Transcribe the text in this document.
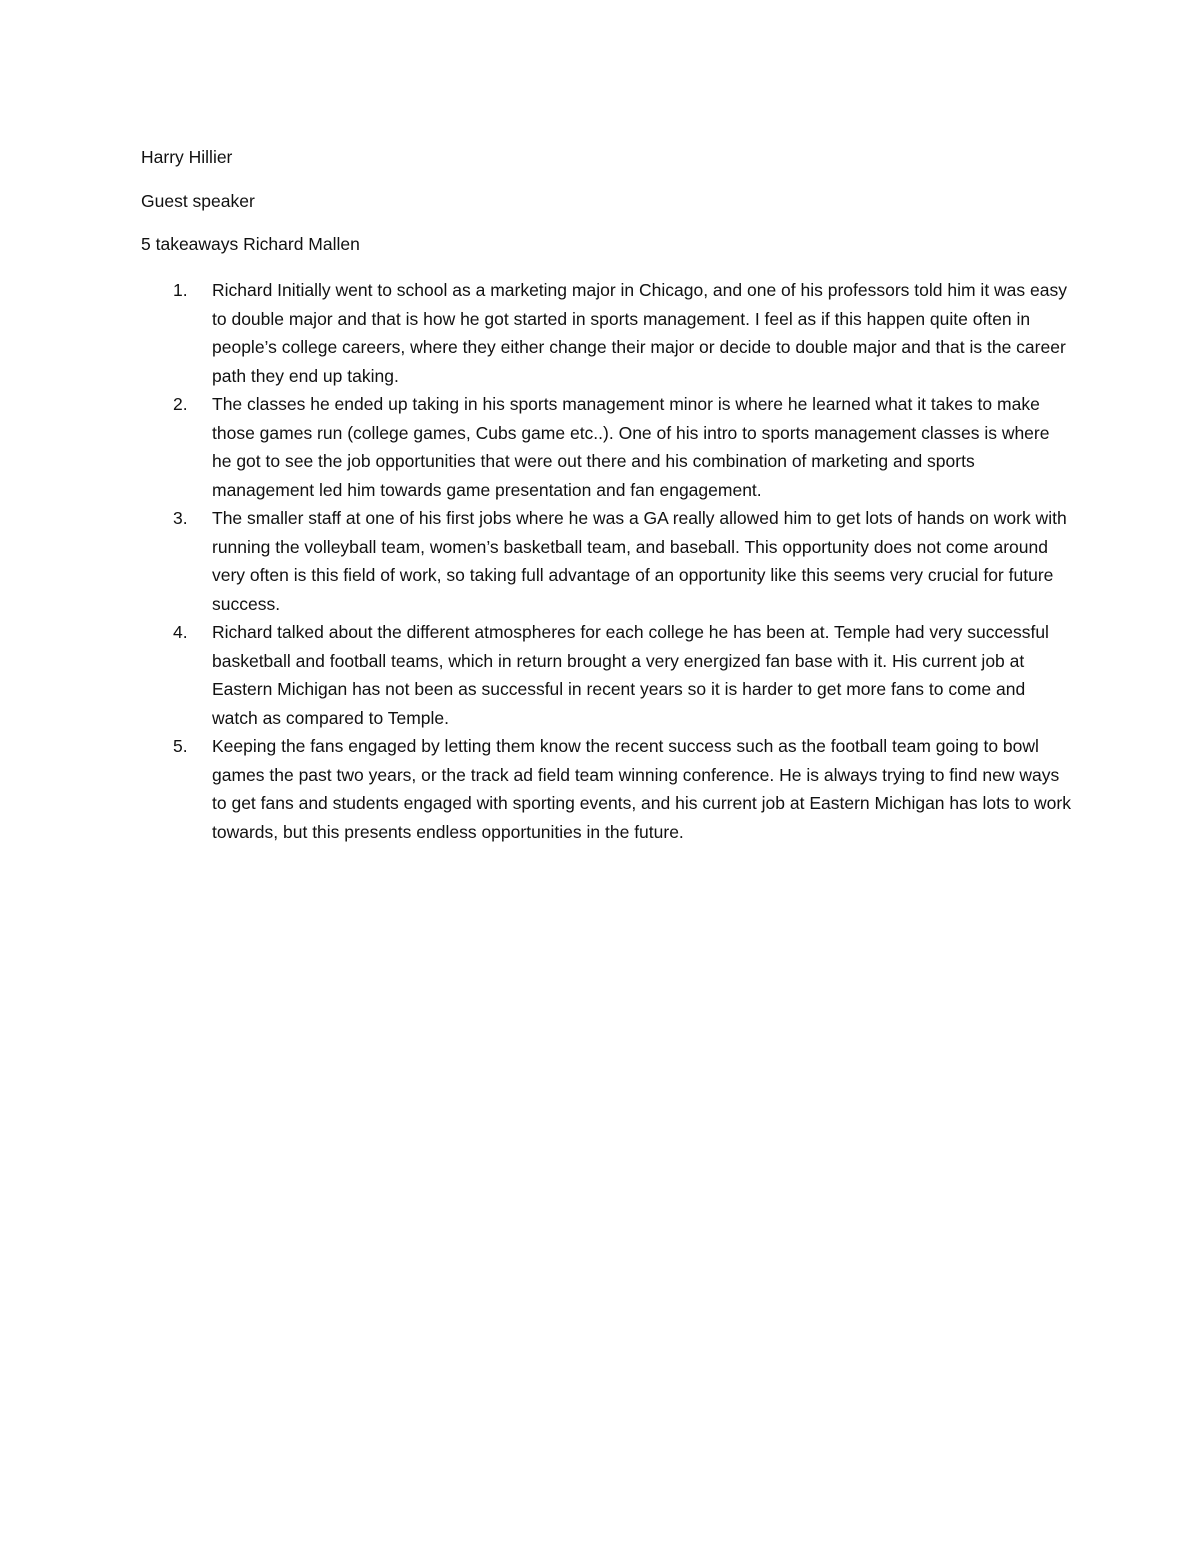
Harry Hillier
Guest speaker
5 takeaways Richard Mallen
1. Richard Initially went to school as a marketing major in Chicago, and one of his professors told him it was easy to double major and that is how he got started in sports management. I feel as if this happen quite often in people’s college careers, where they either change their major or decide to double major and that is the career path they end up taking.
2. The classes he ended up taking in his sports management minor is where he learned what it takes to make those games run (college games, Cubs game etc..). One of his intro to sports management classes is where he got to see the job opportunities that were out there and his combination of marketing and sports management led him towards game presentation and fan engagement.
3. The smaller staff at one of his first jobs where he was a GA really allowed him to get lots of hands on work with running the volleyball team, women’s basketball team, and baseball. This opportunity does not come around very often is this field of work, so taking full advantage of an opportunity like this seems very crucial for future success.
4. Richard talked about the different atmospheres for each college he has been at. Temple had very successful basketball and football teams, which in return brought a very energized fan base with it. His current job at Eastern Michigan has not been as successful in recent years so it is harder to get more fans to come and watch as compared to Temple.
5. Keeping the fans engaged by letting them know the recent success such as the football team going to bowl games the past two years, or the track ad field team winning conference. He is always trying to find new ways to get fans and students engaged with sporting events, and his current job at Eastern Michigan has lots to work towards, but this presents endless opportunities in the future.
